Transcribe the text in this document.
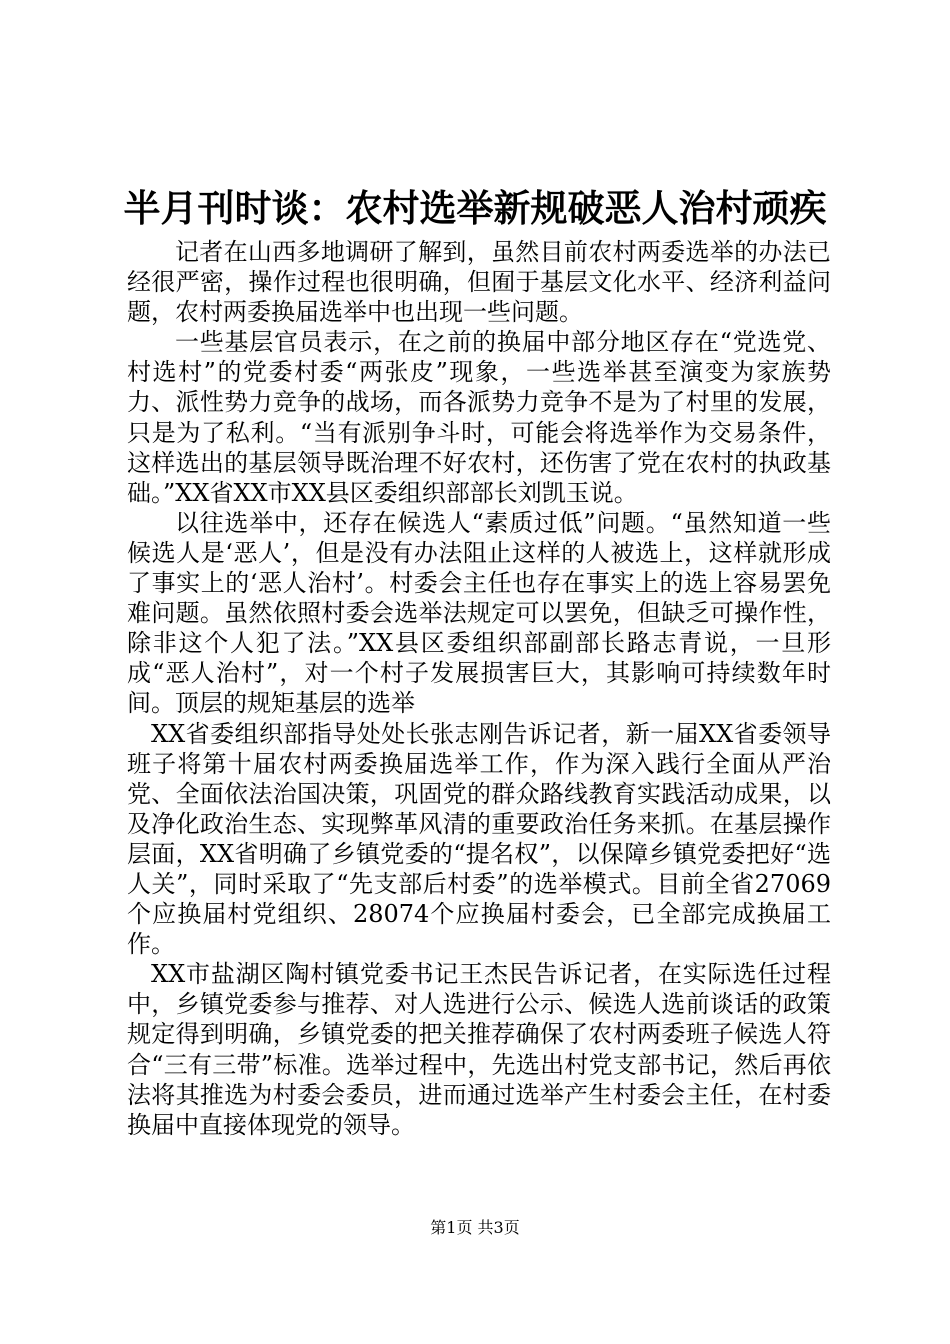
半月刊时谈：农村选举新规破恶人治村顽疾

记者在山西多地调研了解到，虽然目前农村两委选举的办法已经很严密，操作过程也很明确，但囿于基层文化水平、经济利益问题，农村两委换届选举中也出现一些问题。

一些基层官员表示，在之前的换届中部分地区存在“党选党、村选村”的党委村委“两张皮”现象，一些选举甚至演变为家族势力、派性势力竞争的战场，而各派势力竞争不是为了村里的发展，只是为了私利。“当有派别争斗时，可能会将选举作为交易条件，这样选出的基层领导既治理不好农村，还伤害了党在农村的执政基础。”XX省XX市XX县区委组织部部长刘凯玉说。

以往选举中，还存在候选人“素质过低”问题。“虽然知道一些候选人是‘恶人’，但是没有办法阻止这样的人被选上，这样就形成了事实上的‘恶人治村’。村委会主任也存在事实上的选上容易罢免难问题。虽然依照村委会选举法规定可以罢免，但缺乏可操作性，除非这个人犯了法。”XX县区委组织部副部长路志青说，一旦形成“恶人治村”，对一个村子发展损害巨大，其影响可持续数年时间。顶层的规矩基层的选举

XX省委组织部指导处处长张志刚告诉记者，新一届XX省委领导班子将第十届农村两委换届选举工作，作为深入践行全面从严治党、全面依法治国决策，巩固党的群众路线教育实践活动成果，以及净化政治生态、实现弊革风清的重要政治任务来抓。在基层操作层面，XX省明确了乡镇党委的“提名权”，以保障乡镇党委把好“选人关”，同时采取了“先支部后村委”的选举模式。目前全省27069个应换届村党组织、28074个应换届村委会，已全部完成换届工作。

XX市盐湖区陶村镇党委书记王杰民告诉记者，在实际选任过程中，乡镇党委参与推荐、对人选进行公示、候选人选前谈话的政策规定得到明确，乡镇党委的把关推荐确保了农村两委班子候选人符合“三有三带”标准。选举过程中，先选出村党支部书记，然后再依法将其推选为村委会委员，进而通过选举产生村委会主任，在村委换届中直接体现党的领导。

第1页 共3页
